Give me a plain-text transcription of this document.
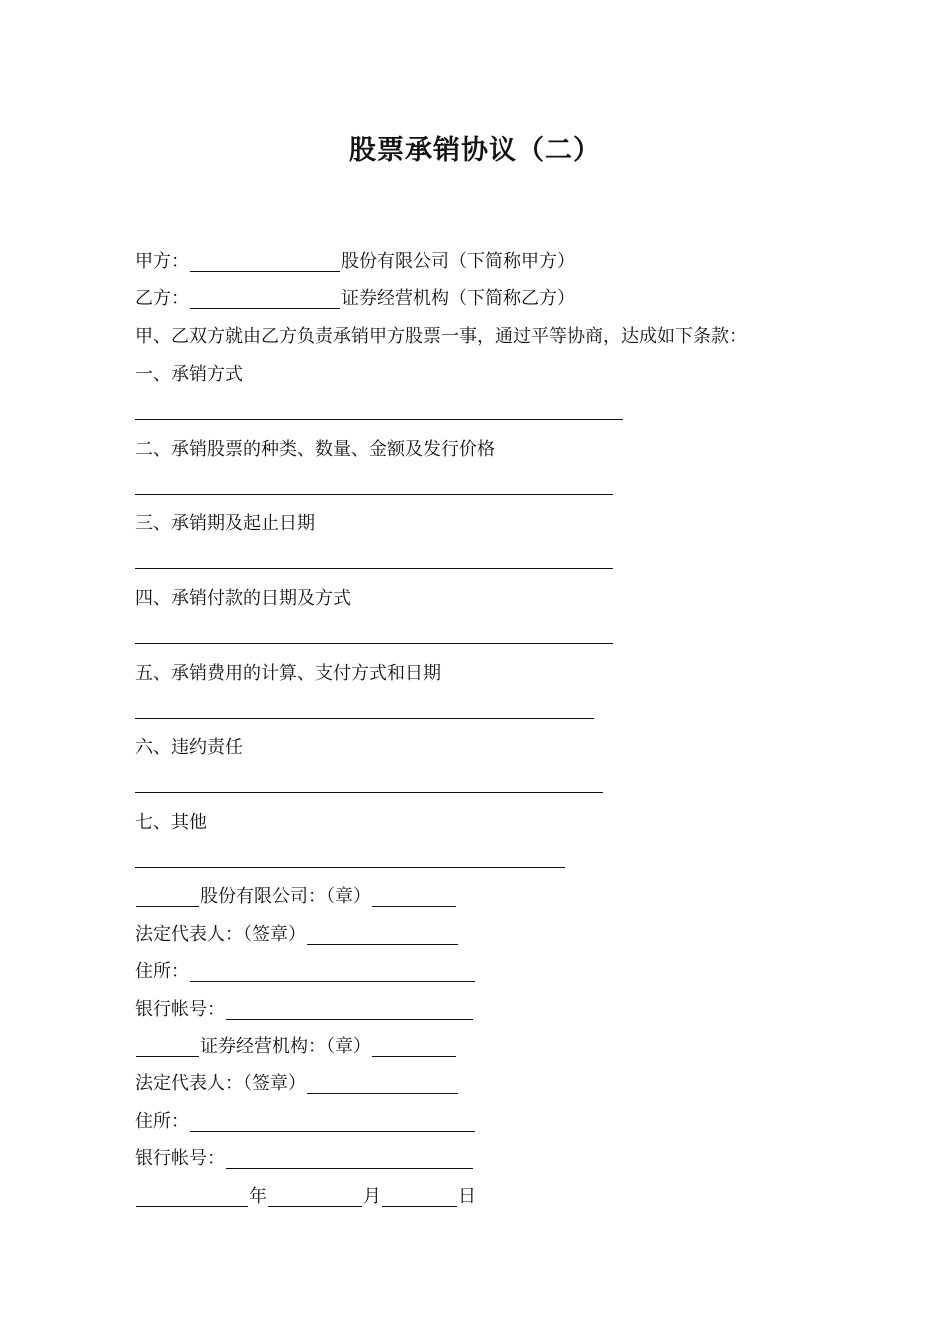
股票承销协议（二）
甲方：	股份有限公司（下简称甲方）
乙方：	证券经营机构（下简称乙方）
甲、乙双方就由乙方负责承销甲方股票一事，通过平等协商，达成如下条款：
一、承销方式
二、承销股票的种类、数量、金额及发行价格
三、承销期及起止日期
四、承销付款的日期及方式
五、承销费用的计算、支付方式和日期
六、违约责任
七、其他
股份有限公司：（章）
法定代表人：（签章）
住所：
银行帐号：
证券经营机构：（章）
法定代表人：（签章）
住所：
银行帐号：
年	月	日
